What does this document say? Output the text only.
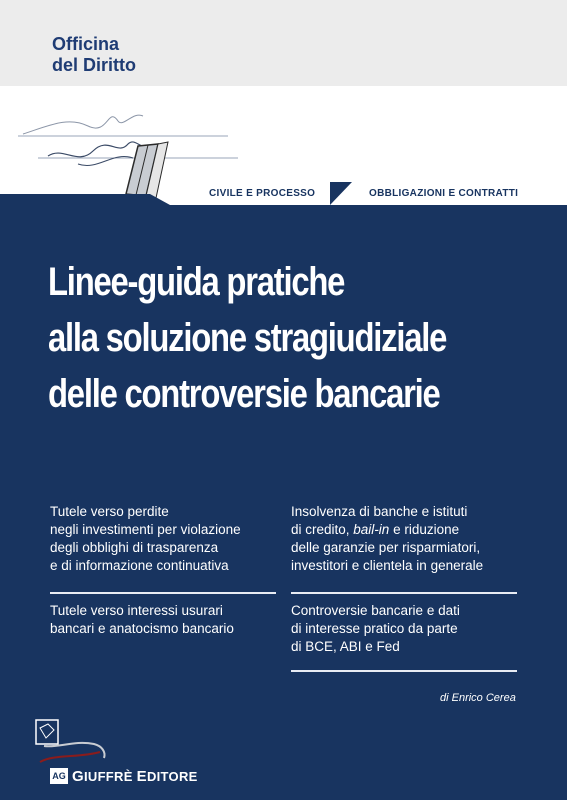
Officina
del Diritto
CIVILE E PROCESSO	OBBLIGAZIONI E CONTRATTI
Linee-guida pratiche
alla soluzione stragiudiziale
delle controversie bancarie
Tutele verso perdite
negli investimenti per violazione
degli obblighi di trasparenza
e di informazione continuativa
Tutele verso interessi usurari
bancari e anatocismo bancario
Insolvenza di banche e istituti
di credito, bail-in e riduzione
delle garanzie per risparmiatori,
investitori e clientela in generale
Controversie bancarie e dati
di interesse pratico da parte
di BCE, ABI e Fed
di Enrico Cerea
AG GIUFFRÈ EDITORE
